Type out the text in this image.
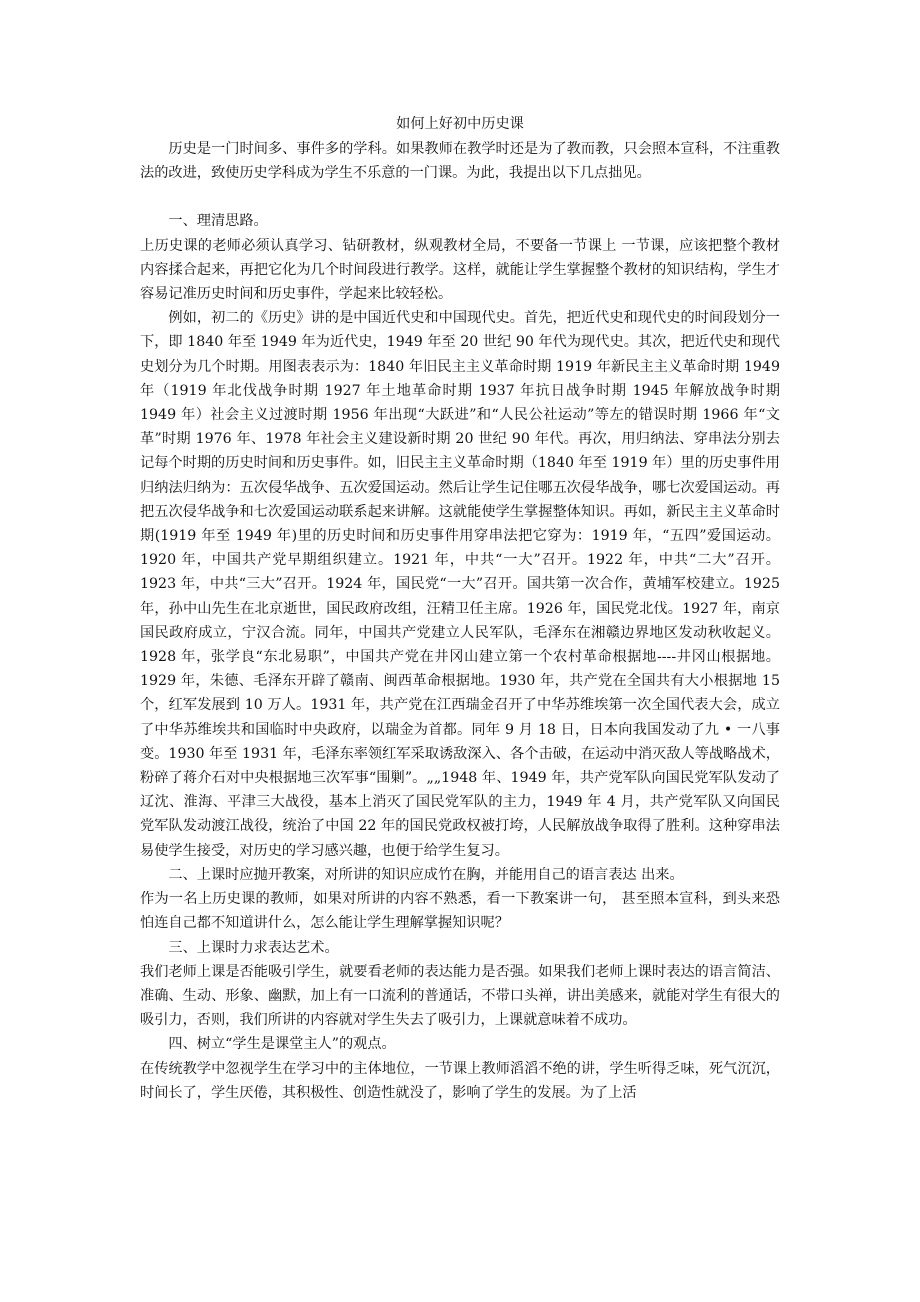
如何上好初中历史课

历史是一门时间多、事件多的学科。如果教师在教学时还是为了教而教，只会照本宣科，不注重教法的改进，致使历史学科成为学生不乐意的一门课。为此，我提出以下几点拙见。

一、理清思路。

上历史课的老师必须认真学习、钻研教材，纵观教材全局，不要备一节课上 一节课，应该把整个教材内容揉合起来，再把它化为几个时间段进行教学。这样，就能让学生掌握整个教材的知识结构，学生才容易记准历史时间和历史事件，学起来比较轻松。

例如，初二的《历史》讲的是中国近代史和中国现代史。首先，把近代史和现代史的时间段划分一下，即 1840 年至 1949 年为近代史，1949 年至 20 世纪 90 年代为现代史。其次，把近代史和现代史划分为几个时期。用图表表示为：1840 年旧民主主义革命时期 1919 年新民主主义革命时期 1949 年（1919 年北伐战争时期 1927 年土地革命时期 1937 年抗日战争时期 1945 年解放战争时期 1949 年）社会主义过渡时期 1956 年出现“大跃进”和“人民公社运动”等左的错误时期 1966 年“文革”时期 1976 年、1978 年社会主义建设新时期 20 世纪 90 年代。再次，用归纳法、穿串法分别去记每个时期的历史时间和历史事件。如，旧民主主义革命时期（1840 年至 1919 年）里的历史事件用归纳法归纳为：五次侵华战争、五次爱国运动。然后让学生记住哪五次侵华战争，哪七次爱国运动。再把五次侵华战争和七次爱国运动联系起来讲解。这就能使学生掌握整体知识。再如，新民主主义革命时期(1919 年至 1949 年)里的历史时间和历史事件用穿串法把它穿为：1919 年，“五四”爱国运动。1920 年，中国共产党早期组织建立。1921 年，中共“一大”召开。1922 年，中共“二大”召开。1923 年，中共“三大”召开。1924 年，国民党“一大”召开。国共第一次合作，黄埔军校建立。1925 年，孙中山先生在北京逝世，国民政府改组，汪精卫任主席。1926 年，国民党北伐。1927 年，南京国民政府成立，宁汉合流。同年，中国共产党建立人民军队，毛泽东在湘赣边界地区发动秋收起义。1928 年，张学良“东北易职”，中国共产党在井冈山建立第一个农村革命根据地----井冈山根据地。1929 年，朱德、毛泽东开辟了赣南、闽西革命根据地。1930 年，共产党在全国共有大小根据地 15 个，红军发展到 10 万人。1931 年，共产党在江西瑞金召开了中华苏维埃第一次全国代表大会，成立了中华苏维埃共和国临时中央政府，以瑞金为首都。同年 9 月 18 日，日本向我国发动了九 • 一八事变。1930 年至 1931 年，毛泽东率领红军采取诱敌深入、各个击破，在运动中消灭敌人等战略战术，粉碎了蒋介石对中央根据地三次军事“围剿”。„„1948 年、1949 年，共产党军队向国民党军队发动了辽沈、淮海、平津三大战役，基本上消灭了国民党军队的主力，1949 年 4 月，共产党军队又向国民党军队发动渡江战役，统治了中国 22 年的国民党政权被打垮，人民解放战争取得了胜利。这种穿串法易使学生接受，对历史的学习感兴趣，也便于给学生复习。

二、上课时应抛开教案，对所讲的知识应成竹在胸，并能用自己的语言表达 出来。

作为一名上历史课的教师，如果对所讲的内容不熟悉，看一下教案讲一句， 甚至照本宣科，到头来恐怕连自己都不知道讲什么，怎么能让学生理解掌握知识呢？

三、上课时力求表达艺术。

我们老师上课是否能吸引学生，就要看老师的表达能力是否强。如果我们老师上课时表达的语言简洁、准确、生动、形象、幽默，加上有一口流利的普通话，不带口头禅，讲出美感来，就能对学生有很大的吸引力，否则，我们所讲的内容就对学生失去了吸引力，上课就意味着不成功。

四、树立“学生是课堂主人”的观点。

在传统教学中忽视学生在学习中的主体地位，一节课上教师滔滔不绝的讲，学生听得乏味，死气沉沉，时间长了，学生厌倦，其积极性、创造性就没了，影响了学生的发展。为了上活
